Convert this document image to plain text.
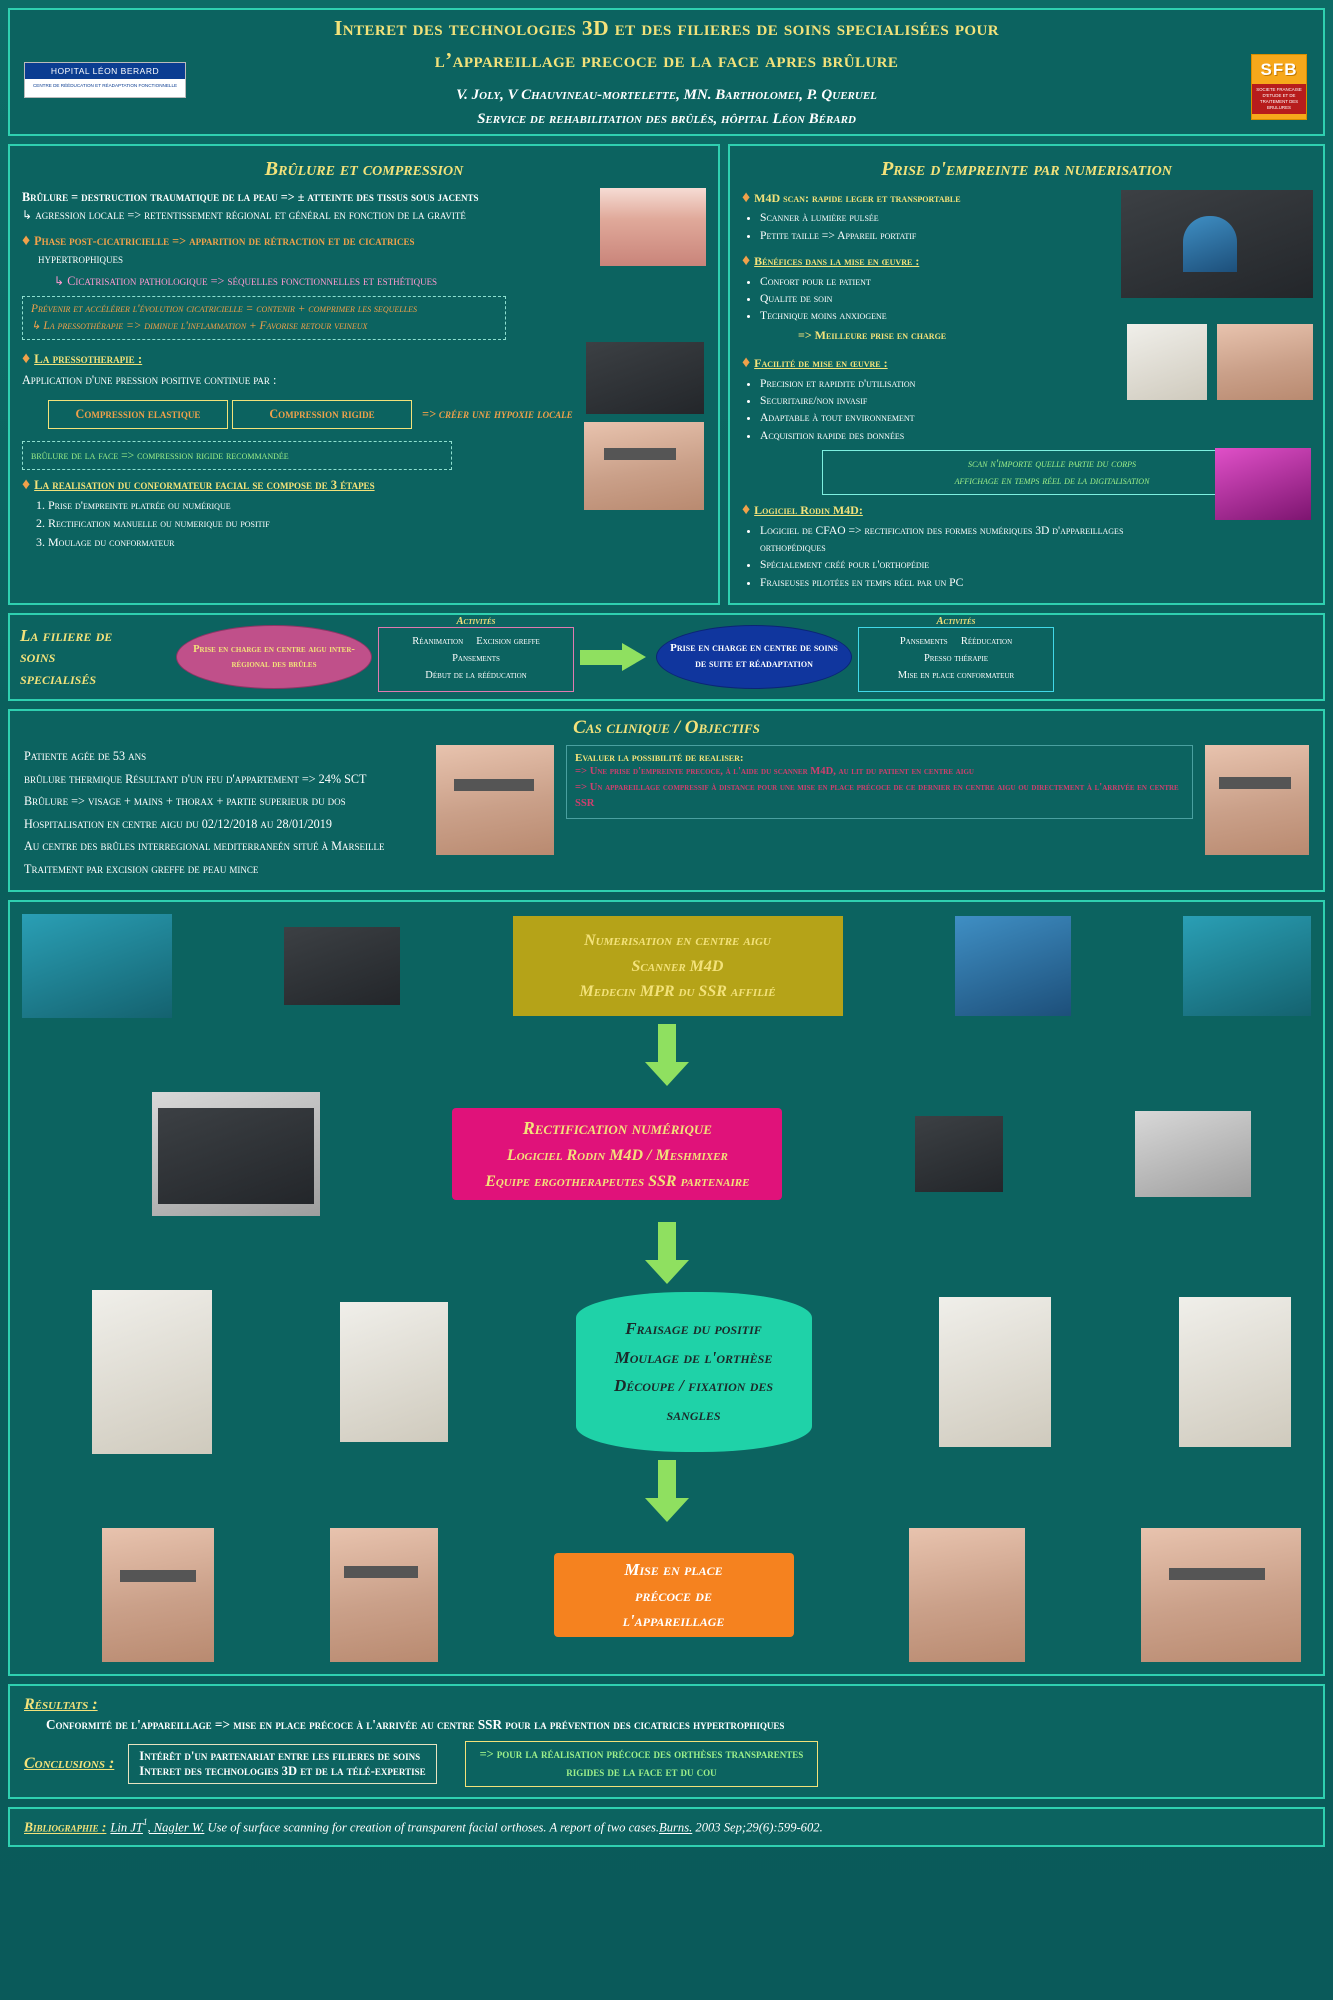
HOPITAL LÉON BERARD
CENTRE DE RÉÉDUCATION ET RÉADAPTATION FONCTIONNELLE
Interet des technologies 3D et des filieres de soins specialisées pour
l’appareillage precoce de la face apres brûlure
V. Joly, V Chauvineau-mortelette, MN. Bartholomei, P. Queruel
Service de rehabilitation des brûlés, hôpital Léon Bérard
SFB
SOCIETE FRANCAISE D'ETUDE ET DE TRAITEMENT DES BRULURES
Brûlure et compression
Brûlure = destruction traumatique de la peau => ± atteinte des tissus sous jacents
↳ agression locale => retentissement régional et général en fonction de la gravité
♦ Phase post-cicatricielle => apparition de rétraction et de cicatrices
hypertrophiques
↳ Cicatrisation pathologique => séquelles fonctionnelles et esthétiques
Prévenir et accélérer l'évolution cicatricielle = contenir + comprimer les sequelles
↳ La pressothérapie => diminue l'inflammation + Favorise retour veineux
♦ La pressotherapie :
Application d'une pression positive continue par :
Compression elastique	Compression rigide	=> créer une hypoxie locale
brûlure de la face => compression rigide recommandée
♦ La realisation du conformateur facial se compose de 3 étapes
1. Prise d'empreinte platrée ou numérique
2. Rectification manuelle ou numerique du positif
3. Moulage du conformateur
Prise d'empreinte par numerisation
♦ M4D scan: rapide leger et transportable
• Scanner à lumière pulsée
• Petite taille => Appareil portatif
♦ Bénéfices dans la mise en œuvre :
• Confort pour le patient
• Qualite de soin
• Technique moins anxiogene
=> Meilleure prise en charge

♦ Facilité de mise en œuvre :
• Precision et rapidite d'utilisation
• Securitaire/non invasif
• Adaptable à tout environnement
• Acquisition rapide des données
scan n'importe quelle partie du corps
affichage en temps réel de la digitalisation
♦ Logiciel Rodin M4D:
• Logiciel de CFAO => rectification des formes numériques 3D d'appareillages orthopédiques
• Spécialement créé pour l'orthopédie
• Fraiseuses pilotées en temps réel par un PC
La filiere de
soins
specialisés
Prise en charge en centre aigu inter-régional des brûles
Activités
Réanimation Excision greffe
Pansements
Début de la rééducation
Prise en charge en centre de soins de suite et réadaptation
Activités
Pansements Rééducation
Presso thérapie
Mise en place conformateur
Cas clinique / Objectifs
Patiente agée de 53 ans
brûlure thermique Résultant d'un feu d'appartement => 24% SCT
Brûlure => visage + mains + thorax + partie superieur du dos
Hospitalisation en centre aigu du 02/12/2018 au 28/01/2019
Au centre des brûles interregional mediterraneén situé à Marseille
Traitement par excision greffe de peau mince
Evaluer la possibilité de realiser:
=> Une prise d'empreinte precoce, à l'aide du scanner M4D, au lit du patient en centre aigu
=> Un appareillage compressif à distance pour une mise en place précoce de ce dernier en centre aigu ou directement à l'arrivée en centre SSR
Numerisation en centre aigu
Scanner M4D
Medecin MPR du SSR affilié
Rectification numérique
Logiciel Rodin M4D / Meshmixer
Equipe ergotherapeutes SSR partenaire
Fraisage du positif
Moulage de l'orthèse
Découpe / fixation des
sangles
Mise en place
précoce de
l'appareillage
Résultats :
Conformité de l'appareillage => mise en place précoce à l'arrivée au centre SSR pour la prévention des cicatrices hypertrophiques
Conclusions : Intérêt d'un partenariat entre les filieres de soins
Interet des technologies 3D et de la télé-expertise
=> pour la réalisation précoce des orthèses transparentes
rigides de la face et du cou
Bibliographie : Lin $JT^1$, Nagler W. Use of surface scanning for creation of transparent facial orthoses. A report of two cases.Burns. 2003 Sep;29(6):599-602.
